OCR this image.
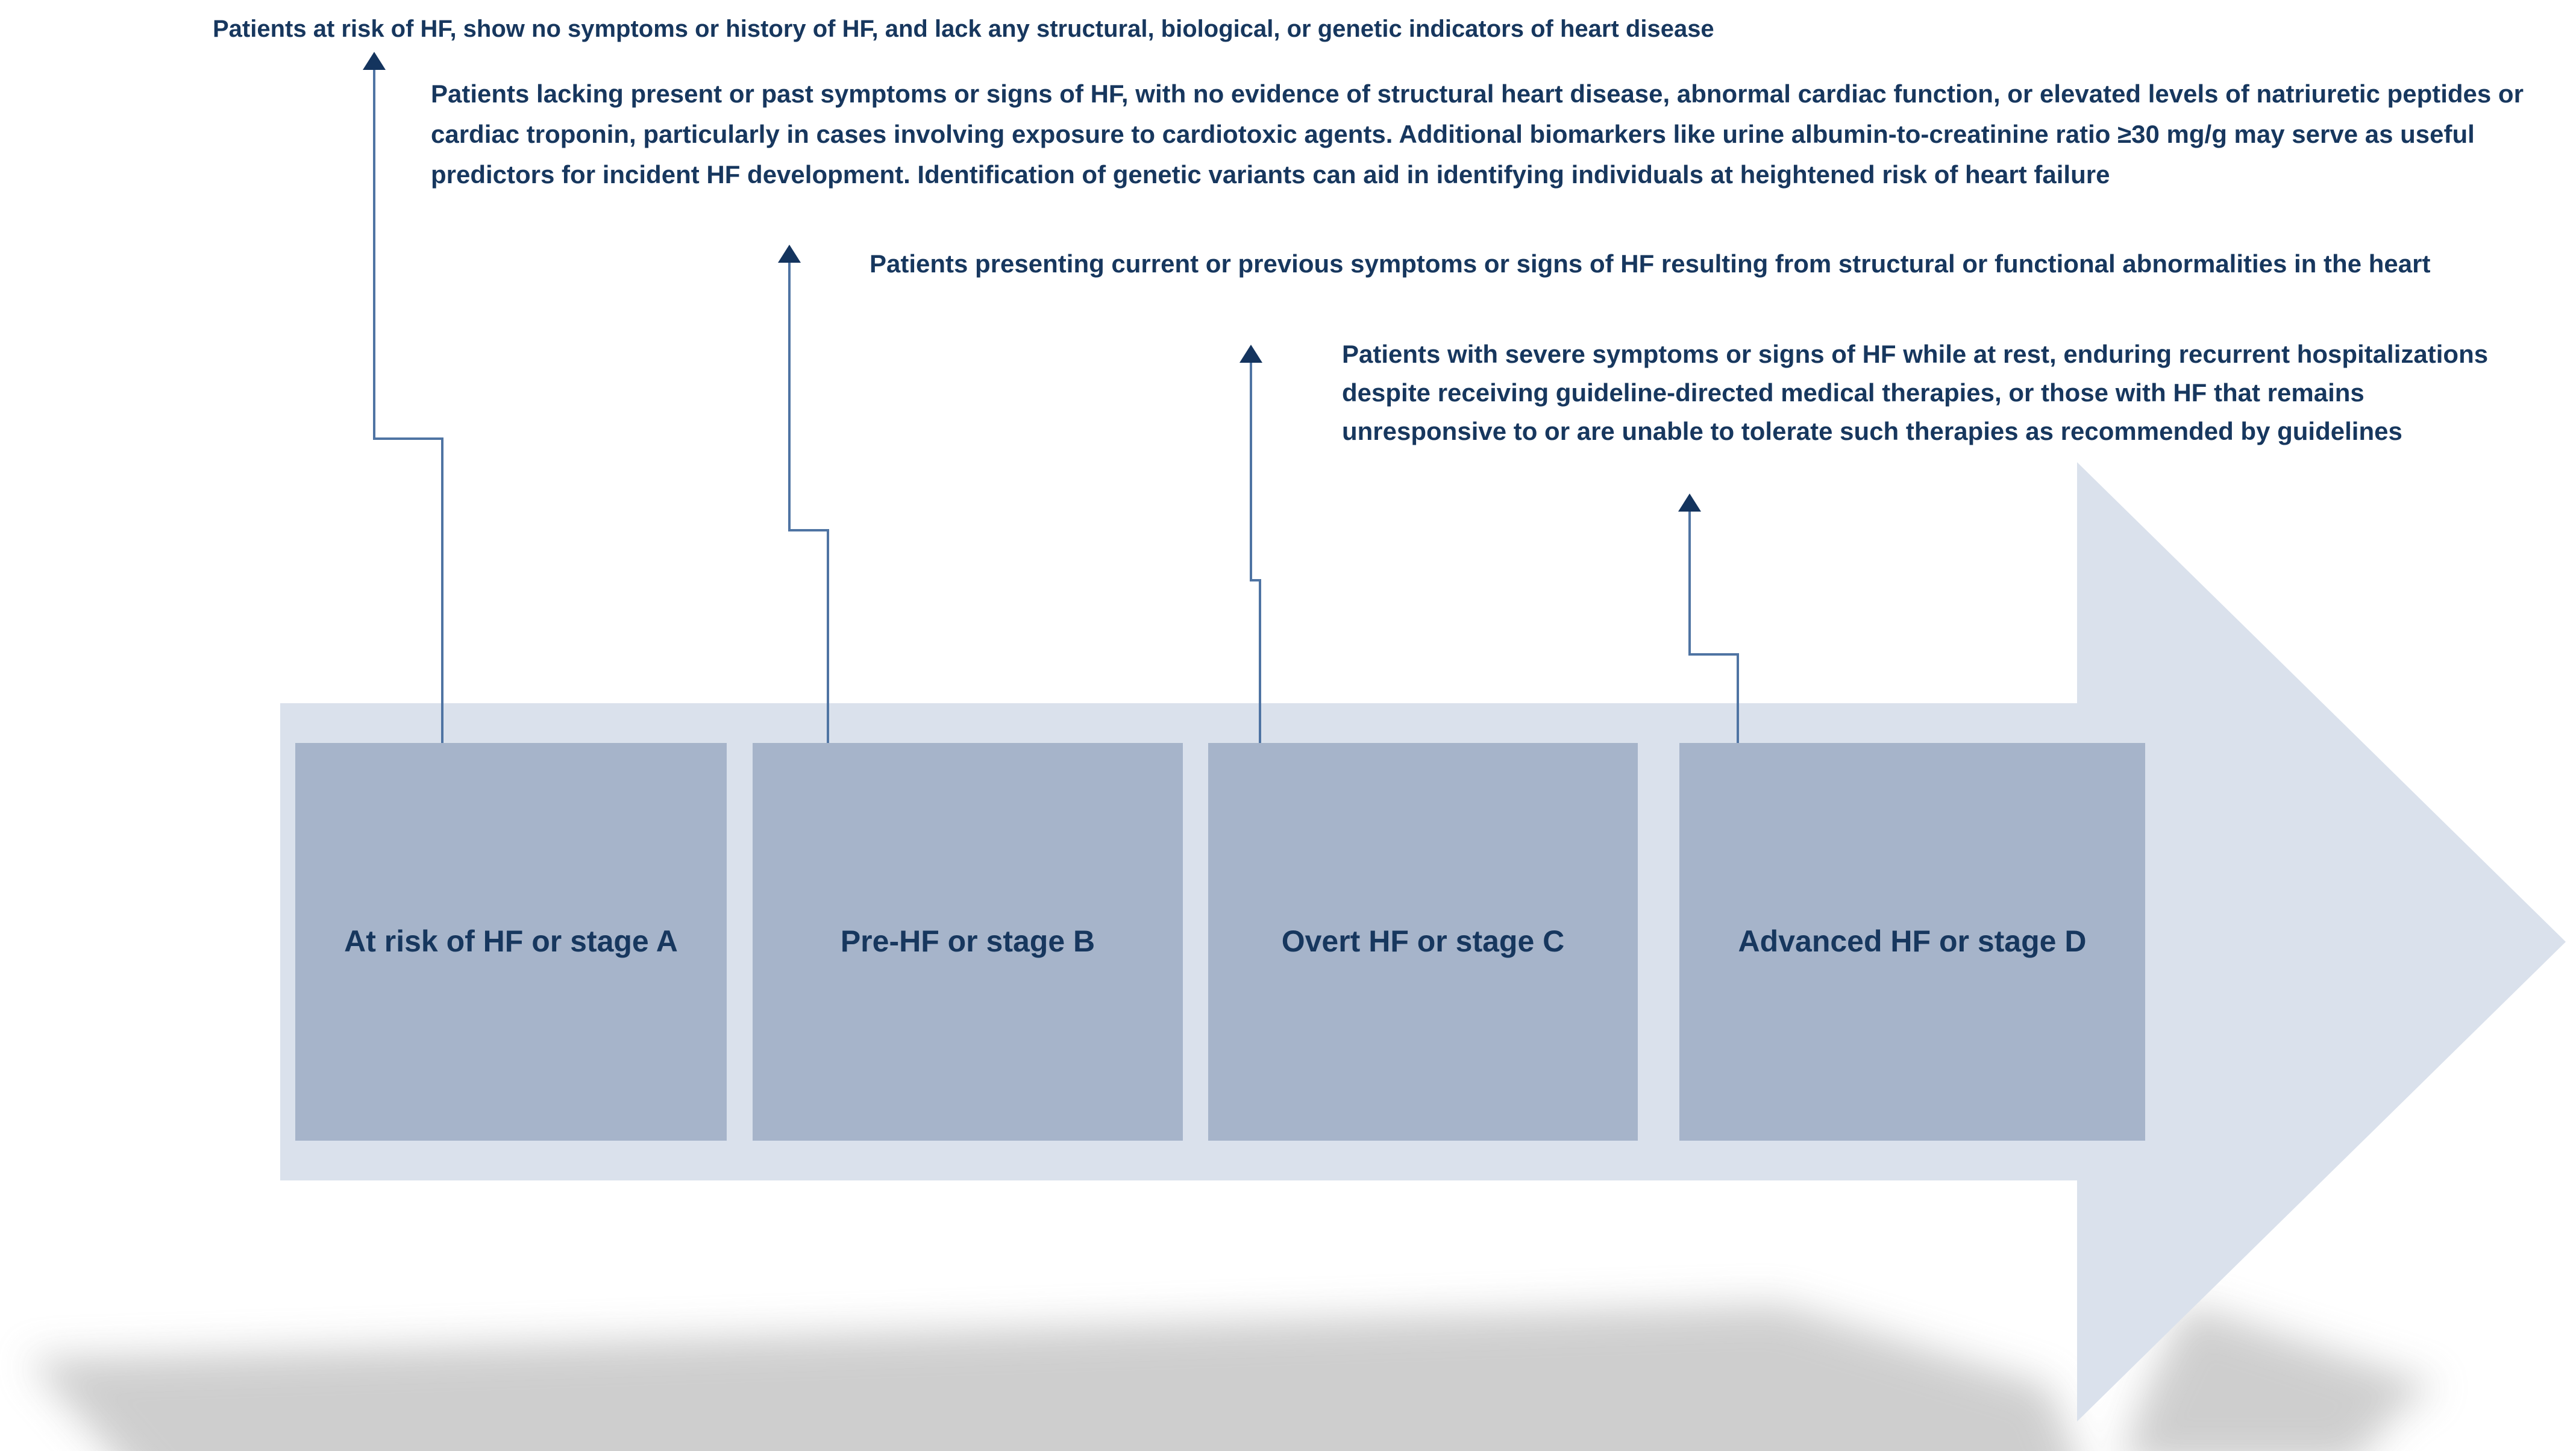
Patients at risk of HF, show no symptoms or history of HF, and lack any structural, biological, or genetic indicators of heart disease
Patients lacking present or past symptoms or signs of HF, with no evidence of structural heart disease, abnormal cardiac function, or elevated levels of natriuretic peptides or cardiac troponin, particularly in cases involving exposure to cardiotoxic agents. Additional biomarkers like urine albumin-to-creatinine ratio ≥30 mg/g may serve as useful predictors for incident HF development. Identification of genetic variants can aid in identifying individuals at heightened risk of heart failure
Patients presenting current or previous symptoms or signs of HF resulting from structural or functional abnormalities in the heart
Patients with severe symptoms or signs of HF while at rest, enduring recurrent hospitalizations despite receiving guideline-directed medical therapies, or those with HF that remains unresponsive to or are unable to tolerate such therapies as recommended by guidelines
At risk of HF or stage A	Pre-HF or stage B	Overt HF or stage C	Advanced HF or stage D
